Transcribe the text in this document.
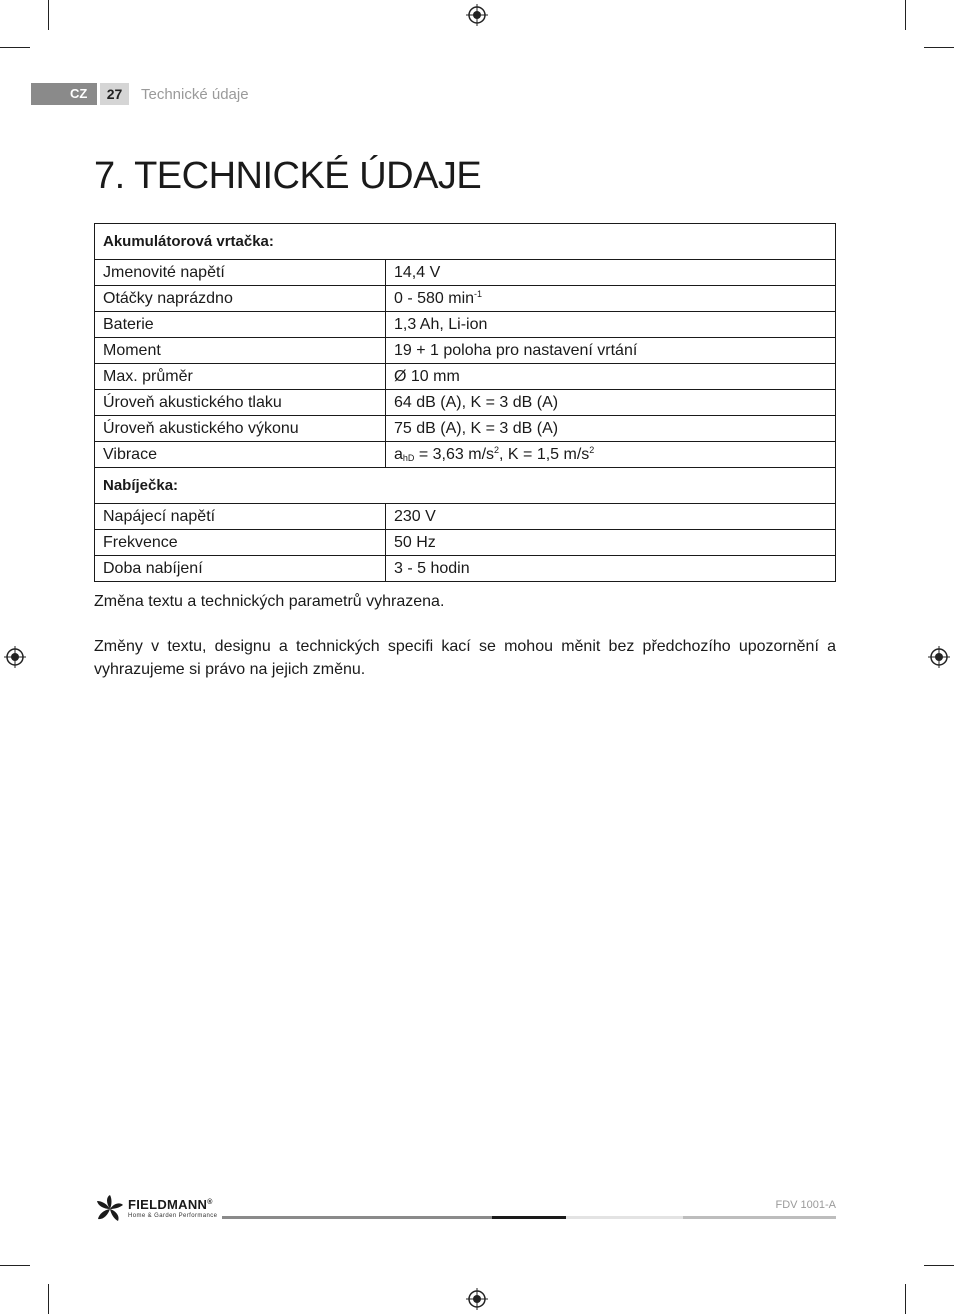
CZ	27	Technické údaje
7. TECHNICKÉ ÚDAJE
Akumulátorová vrtačka:	
Jmenovité napětí	14,4 V
Otáčky naprázdno	0 - 580 $\min^{-1}$
Baterie	1,3 Ah, Li-ion
Moment	19 + 1 poloha pro nastavení vrtání
Max. průměr	Ø 10 mm
Úroveň akustického tlaku	64 dB (A), K = 3 dB (A)
Úroveň akustického výkonu	75 dB (A), K = 3 dB (A)
Vibrace	$a_{hD} = 3,63$ $m/s^2$, K = 1,5 $m/s^2$
Nabíječka:	
Napájecí napětí	230 V
Frekvence	50 Hz
Doba nabíjení	3 - 5 hodin
Změna textu a technických parametrů vyhrazena.
Změny v textu, designu a technických specifi kací se mohou měnit bez předchozího upozornění a vyhrazujeme si právo na jejich změnu.
FIELDMANN®
Home & Garden Performance
FDV 1001-A
